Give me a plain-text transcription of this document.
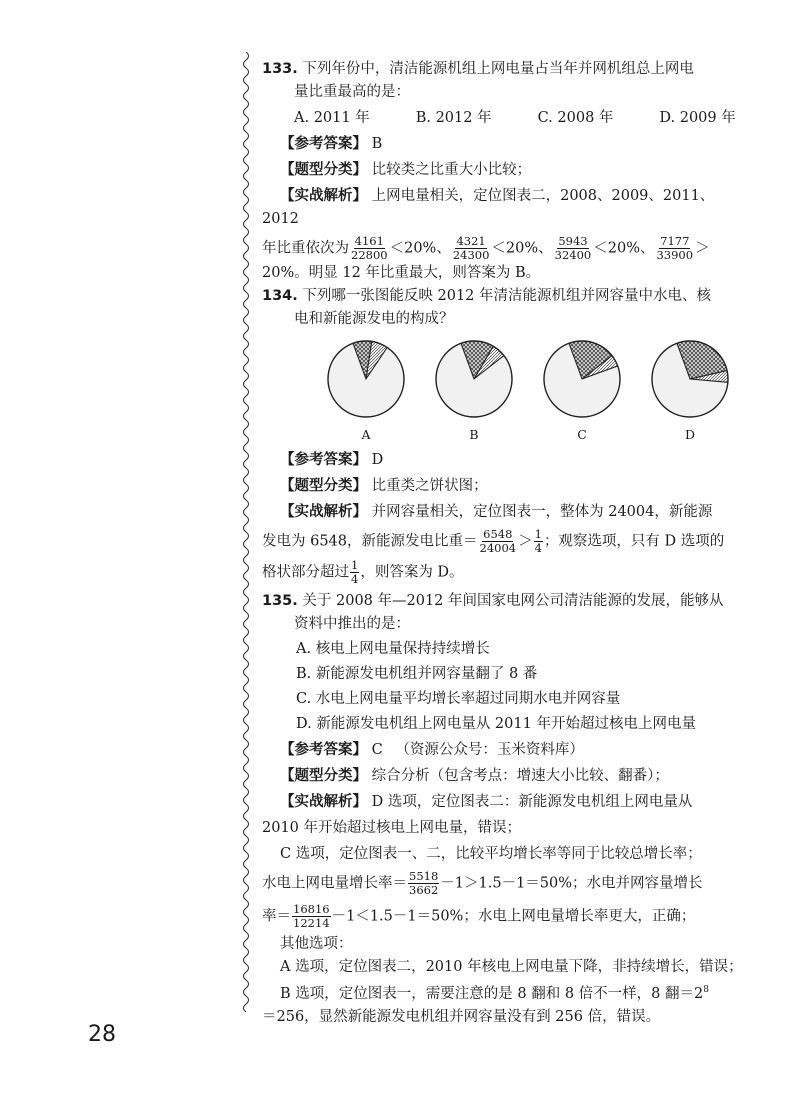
133. 下列年份中，清洁能源机组上网电量占当年并网机组总上网电

量比重最高的是：

A. 2011 年	B. 2012 年	C. 2008 年	D. 2009 年
【参考答案】 B
【题型分类】 比较类之比重大小比较；
【实战解析】 上网电量相关，定位图表二，2008、2009、2011、2012

年比重依次为 $\frac{4161}{22800} <20\%$、 $\frac{4321}{24300} <20\%$、 $\frac{5943}{32400} <20\%$、 $\frac{7177}{33900}$ ＞

20%。明显 12 年比重最大，则答案为 B。

134. 下列哪一张图能反映 2012 年清洁能源机组并网容量中水电、核

电和新能源发电的构成？

A	B	C	D
【参考答案】 D
【题型分类】 比重类之饼状图；
【实战解析】 并网容量相关，定位图表一，整体为 24004，新能源

发电为 6548，新能源发电比重＝ $\frac{6548}{24004} > \frac{1}{4}$ ；观察选项，只有 D 选项的

格状部分超过 $\frac{1}{4}$ ，则答案为 D。

135. 关于 2008 年—2012 年间国家电网公司清洁能源的发展，能够从

资料中推出的是：

A. 核电上网电量保持持续增长

B. 新能源发电机组并网容量翻了 8 番

C. 水电上网电量平均增长率超过同期水电并网容量

D. 新能源发电机组上网电量从 2011 年开始超过核电上网电量

【参考答案】 C （资源公众号：玉米资料库）
【题型分类】 综合分析（包含考点：增速大小比较、翻番）；
【实战解析】 D 选项，定位图表二：新能源发电机组上网电量从

2010 年开始超过核电上网电量，错误；

C 选项，定位图表一、二，比较平均增长率等同于比较总增长率；

水电上网电量增长率＝ $\frac{5518}{3662} -1>1.5-1=50\%$；水电并网容量增长

率＝ $\frac{16816}{12214} -1<1.5-1=50\%$；水电上网电量增长率更大，正确；

其他选项：

A 选项，定位图表二，2010 年核电上网电量下降，非持续增长，错误；

B 选项，定位图表一，需要注意的是 8 翻和 8 倍不一样，8 翻$=2^8$

＝256，显然新能源发电机组并网容量没有到 256 倍，错误。

28
